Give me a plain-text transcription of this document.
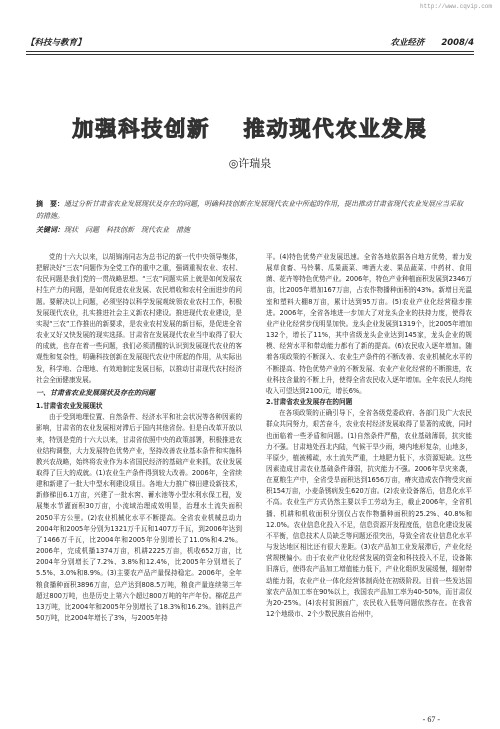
http://www.cqvip.com
【科技与教育】	农业经济 2008/4
加强科技创新 推动现代农业发展
◎许瑞泉
摘　要：通过分析甘肃省农业发展现状及存在的问题，明确科技创新在发展现代农业中所起的作用，提出推动甘肃省现代农业发展应当采取的措施。
关键词：现状　问题　科技创新　现代农业　措施

党的十六大以来，以胡锦涛同志为总书记的新一代中央领导集体，把解决好“三农”问题作为全党工作的重中之重，强调重视农业、农村、农民问题是我们党的一贯战略思想。“三农”问题实质上就是如何发展农村生产力的问题，是如何促进农业发展、农民增收和农村全面进步的问题。要解决以上问题，必须坚持以科学发展观统领农业农村工作，积极发展现代农业，扎实推进社会主义新农村建设。推进现代农业建设，是实现“三农”工作推出的新要求，是农业农村发展的新目标，是促进全省农业又好又快发展的现实选择。甘肃省在发展现代农业当中取得了很大的成就，也存在着一些问题，我们必须清醒的认识到发展现代农业的客观性和复杂性，明确科技创新在发展现代农业中所起的作用，从实际出发，科学地、合理地、有效地制定发展目标，以推动甘肃现代农村经济社会全面健康发展。

一、甘肃省农业发展现状及存在的问题

1.甘肃省农业发展现状

由于受到地理位置、自然条件、经济水平和社会状况等各种因素的影响，甘肃省的农业发展相对滞后于国内其他省份。但是自改革开放以来，特别是党的十六大以来，甘肃省依照中央的政策部署，积极推进农业结构调整，大力发展特色优势产业，坚持改善农业基本条件和实施科教兴农战略，始终将农业作为本省国民经济的基础产业来抓，农业发展取得了巨大的成就。(1)农业生产条件得到较大改善。2006年，全省续建和新建了一批大中型水利建设项目。各地大力推广梯田建设新技术，新修梯田6.1万亩，兴建了一批水窖、蓄水池等小型水利水保工程，发展集水节灌面积30万亩，小流域治理成效明显，治理水土流失面积2050平方公里。(2)农业机械化水平不断提高。全省农业机械总动力2004年和2005年分别为1321万千瓦和1407万千瓦，到2006年达到了1466万千瓦，比2004年和2005年分别增长了11.0%和4.2%。2006年，完成机播1374万亩，机耕2225万亩，机收652万亩，比2004年分别增长了7.2%、3.8%和12.4%，比2005年分别增长了5.5%、3.0%和8.9%。(3)主要农产品产量保持稳定。2006年，全年粮食播种面积3896万亩，总产达到808.5万吨，粮食产量连续第三年超过800万吨，也是历史上第六个超过800万吨的年产年份。棉花总产13万吨，比2004年和2005年分别增长了18.3%和16.2%。油料总产50万吨，比2004年增长了3%，与2005年持

平。(4)特色优势产业发展迅速。全省各地依据各自地方优势，着力发展草食畜、马铃薯、瓜果蔬菜、啤酒大麦、果品蔬菜、中药材、食用菌、花卉等特色优势产业。2006年，特色产业种植面积发展到2346万亩，比2005年增加167万亩，占农作物播种面积的43%。新增日光温室和塑料大棚8万亩，累计达到95万亩。(5)农业产业化经营稳步推进。2006年，全省各地进一步加大了对龙头企业的扶持力度，使得农业产业化经营步伐明显加快。龙头企业发展到1319个，比2005年增加132个，增长了11%，其中省级龙头企业达到145家，龙头企业的规模、经营水平和带动能力都有了新的提高。(6)农民收入逐年增加。随着各项政策的不断深入、农业生产条件的不断改善、农业机械化水平的不断提高、特色优势产业的不断发展、农业产业化经营的不断推进，农业科技含量的不断上升，使得全省农民收入逐年增加。全年农民人均纯收入可望达到2100元，增长6%。

2.甘肃省农业发展存在的问题

在各项政策的正确引导下，全省各级党委政府、各部门及广大农民群众共同努力，艰苦奋斗，农业农村经济发展取得了显著的成就，同时也面临着一些矛盾和问题。(1)自然条件严酷，农业基础薄弱，抗灾能力不强。甘肃地处西北内陆，气候干旱少雨，境内地形复杂，山地多，平原少，植被稀疏，水土流失严重，土地肥力低下，水资源短缺。这些因素造成甘肃农业基础条件薄弱，抗灾能力不强。2006年旱灾来袭，在夏粮生产中，全省受旱面积达到1656万亩，瘠灾造成农作物受灾面积154万亩，小麦条锈病发生620万亩。(2)农业设备落后，信息化水平不高。农业生产方式仍然主要以手工劳动为主，截止2006年，全省机播、机耕和机收面积分别仅占农作物播种面积的25.2%、40.8%和12.0%。农业信息化投入不足，信息资源开发程度低，信息化建设发展不平衡，信息技术人员缺乏等问题还很突出，导致全省农业信息化水平与发达地区相比还有很大差距。(3)农产品加工业发展滞后，产业化经营规模偏小。由于农业产业化经营发展的资金和科技投入不足，设备陈旧落后，使得农产品加工增值能力低下，产业化组织发展缓慢，辐射带动能力弱，农业产业一体化经营体制尚处在初级阶段。目前一些发达国家农产品加工率在90%以上，我国农产品加工率为40-50%，而甘肃仅为20-25%。(4)农村贫困面广，农民收入低等问题依然存在。在我省12个地级市、2个少数民族自治州中，

- 67 -
